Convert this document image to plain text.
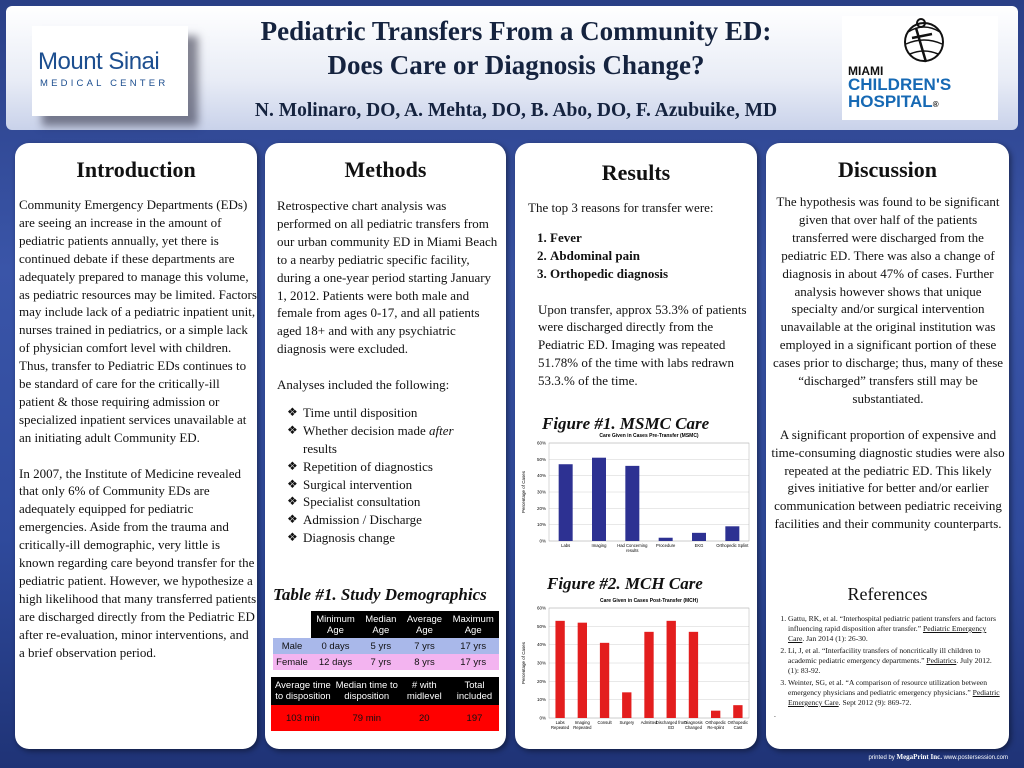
Mount Sinai
MEDICAL CENTER
Pediatric Transfers From a Community ED:
Does Care or Diagnosis Change?
N. Molinaro, DO, A. Mehta, DO, B. Abo, DO, F. Azubuike, MD
MIAMI
CHILDREN'S
HOSPITAL®
Introduction

Community Emergency Departments (EDs) are seeing an increase in the amount of pediatric patients annually, yet there is continued debate if these departments are adequately prepared to manage this volume, as pediatric resources may be limited. Factors may include lack of a pediatric inpatient unit, nurses trained in pediatrics, or a simple lack of physician comfort level with children. Thus, transfer to Pediatric EDs continues to be standard of care for the critically-ill patient & those requiring admission or specialized inpatient services unavailable at an initiating adult Community ED.

In 2007, the Institute of Medicine revealed that only 6% of Community EDs are adequately equipped for pediatric emergencies. Aside from the trauma and critically-ill demographic, very little is known regarding care beyond transfer for the pediatric patient. However, we hypothesize a high likelihood that many transferred patients are discharged directly from the Pediatric ED after re-evaluation, minor interventions, and a brief observation period.

Methods

Retrospective chart analysis was performed on all pediatric transfers from our urban community ED in Miami Beach to a nearby pediatric specific facility, during a one-year period starting January 1, 2012. Patients were both male and female from ages 0-17, and all patients aged 18+ and with any psychiatric diagnosis were excluded.

Analyses included the following:

❖ Time until disposition
❖ Whether decision made after
results
❖ Repetition of diagnostics
❖ Surgical intervention
❖ Specialist consultation
❖ Admission / Discharge
❖ Diagnosis change
Table #1. Study Demographics
	Minimum Age	Median Age	Average Age	Maximum Age
Male	0 days	5 yrs	7 yrs	17 yrs
Female	12 days	7 yrs	8 yrs	17 yrs
Average time to disposition	Median time to disposition	# with midlevel	Total included
103 min	79 min	20	197
Results

The top 3 reasons for transfer were:

1. Fever
2. Abdominal pain
3. Orthopedic diagnosis

Upon transfer, approx 53.3% of patients were discharged directly from the Pediatric ED. Imaging was repeated 51.78% of the time with labs redrawn 53.3.% of the time.

Figure #1. MSMC Care
Care Given in Cases Pre-Transfer (MSMC)
Percentage of Cases
0%
10%
20%
30%
40%
50%
60%
Labs	Imaging	Had Concerning
results
Procedure	EKG	Orthopedic Splint
Figure #2. MCH Care
Care Given in Cases Post-Transfer (MCH)
Percentage of Cases
0%
10%
20%
30%
40%
50%
60%
Labs
Repeated
Imaging
Repeated
Consult Surgery Admitted
Discharged from
ED
Diagnosis
Changed
Orthopedic
Re-splint
Orthopedic
Cast
Discussion

The hypothesis was found to be significant given that over half of the patients transferred were discharged from the pediatric ED. There was also a change of diagnosis in about 47% of cases. Further analysis however shows that unique specialty and/or surgical intervention unavailable at the original institution was employed in a significant portion of these cases prior to discharge; thus, many of these “discharged” transfers still may be substantiated.

A significant proportion of expensive and time-consuming diagnostic studies were also repeated at the pediatric ED. This likely gives initiative for better and/or earlier communication between pediatric receiving facilities and their community counterparts.

References
1. Gattu, RK, et al. “Interhospital pediatric patient transfers and factors influencing rapid disposition after transfer.” Pediatric Emergency Care. Jan 2014 (1): 26-30.
2. Li, J, et al. “Interfacility transfers of noncritically ill children to academic pediatric emergency departments.” Pediatrics. July 2012. (1): 83-92.
3. Weinter, SG, et al. “A comparison of resource utilization between emergency physicians and pediatric emergency physicians.” Pediatric Emergency Care. Sept 2012 (9): 869-72.
.
printed by MegaPrint Inc. www.postersession.com
